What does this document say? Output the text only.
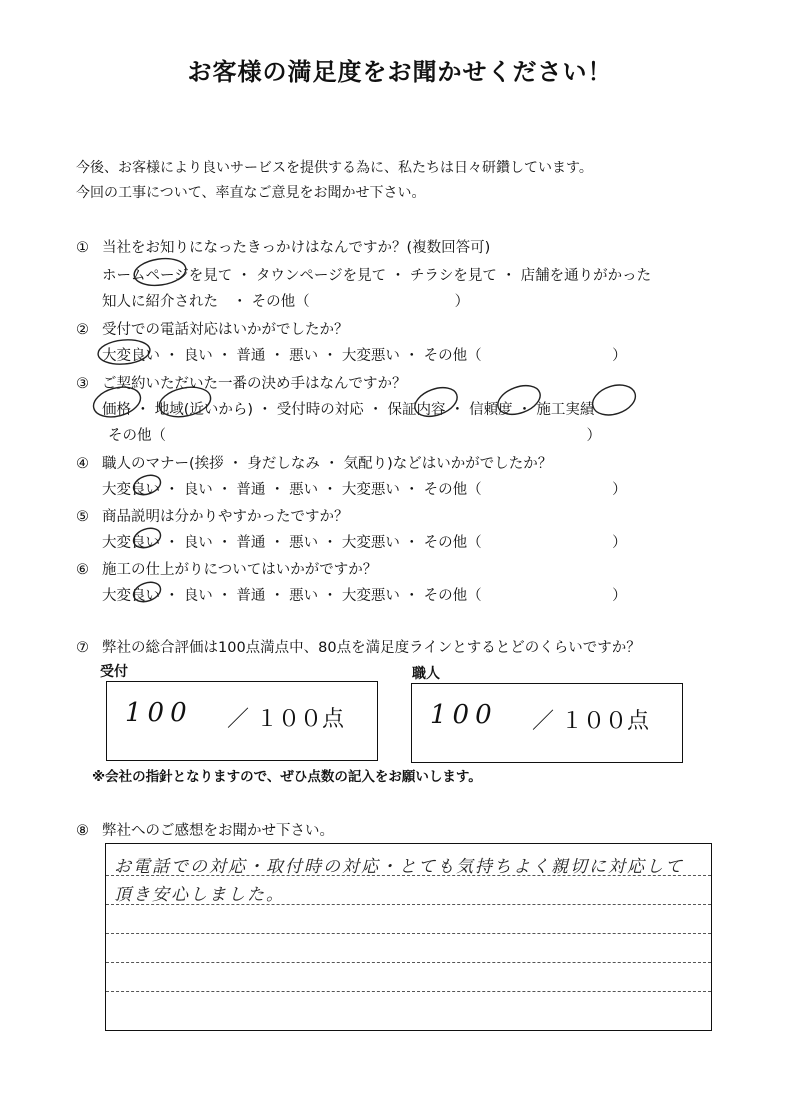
お客様の満足度をお聞かせください！
今後、お客様により良いサービスを提供する為に、私たちは日々研鑽しています。
今回の工事について、率直なご意見をお聞かせ下さい。
① 当社をお知りになったきっかけはなんですか？(複数回答可)
ホームページを見て ・ タウンページを見て ・ チラシを見て ・ 店舗を通りがかった
知人に紹介された　・ その他（　　　　　　　　　　）
② 受付での電話対応はいかがでしたか？
大変良い ・ 良い ・ 普通 ・ 悪い ・ 大変悪い ・ その他（　　　　　　　　　）
③ ご契約いただいた一番の決め手はなんですか？
価格 ・ 地域(近いから) ・ 受付時の対応 ・ 保証内容 ・ 信頼度 ・ 施工実績
その他（　　　　　　　　　　　　　　　　　　　　　　　　　　　　　）
④ 職人のマナー(挨拶 ・ 身だしなみ ・ 気配り)などはいかがでしたか？
大変良い ・ 良い ・ 普通 ・ 悪い ・ 大変悪い ・ その他（　　　　　　　　　）
⑤ 商品説明は分かりやすかったですか？
大変良い ・ 良い ・ 普通 ・ 悪い ・ 大変悪い ・ その他（　　　　　　　　　）
⑥ 施工の仕上がりについてはいかがですか？
大変良い ・ 良い ・ 普通 ・ 悪い ・ 大変悪い ・ その他（　　　　　　　　　）
⑦ 弊社の総合評価は100点満点中、80点を満足度ラインとするとどのくらいですか？
受付	職人
100 ／ １００点	100 ／ １００点
※会社の指針となりますので、ぜひ点数の記入をお願いします。
⑧ 弊社へのご感想をお聞かせ下さい。
お電話での対応・取付時の対応・とても気持ちよく親切に対応して
頂き安心しました。
